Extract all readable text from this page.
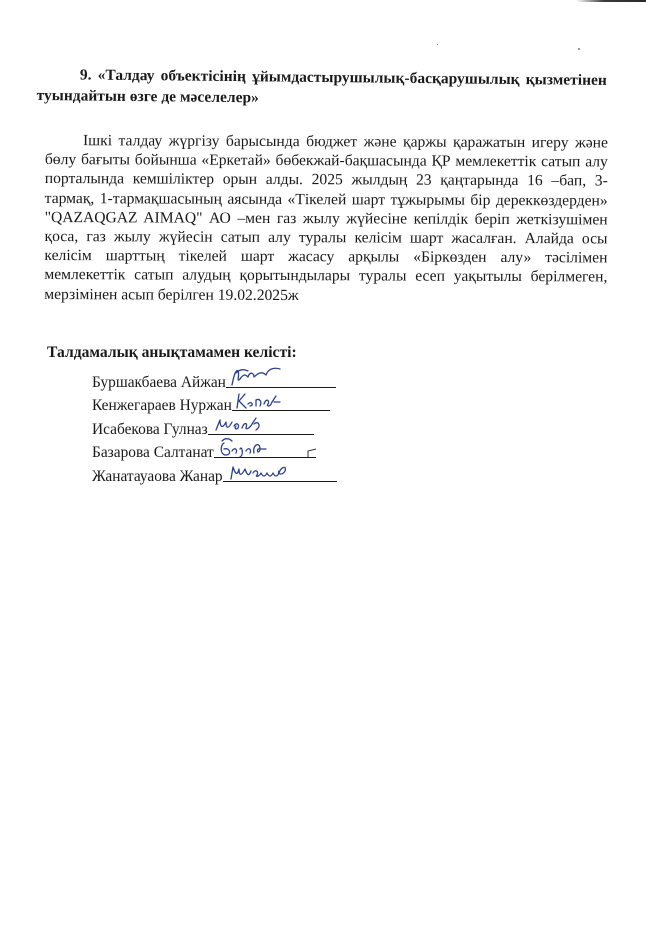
9. «Талдау объектісінің ұйымдастырушылық-басқарушылық қызметінен туындайтын өзге де мәселелер»
Ішкі талдау жүргізу барысында бюджет және қаржы қаражатын игеру және бөлу бағыты бойынша «Еркетай» бөбекжай-бақшасында ҚР мемлекеттік сатып алу порталында кемшіліктер орын алды. 2025 жылдың 23 қаңтарында 16 –бап, 3-тармақ, 1-тармақшасының аясында «Тікелей шарт тұжырымы бір дереккөздерден» "QAZAQGAZ AIMAQ" АО –мен газ жылу жүйесіне кепілдік беріп жеткізушімен қоса, газ жылу жүйесін сатып алу туралы келісім шарт жасалған. Алайда осы келісім шарттың тікелей шарт жасасу арқылы «Біркөзден алу» тәсілімен мемлекеттік сатып алудың қорытындылары туралы есеп уақытылы берілмеген, мерзімінен асып берілген 19.02.2025ж
Талдамалық анықтамамен келісті:
Буршакбаева Айжан
Кенжегараев Нуржан
Исабекова Гулназ
Базарова Салтанат
Жанатауаова Жанар
